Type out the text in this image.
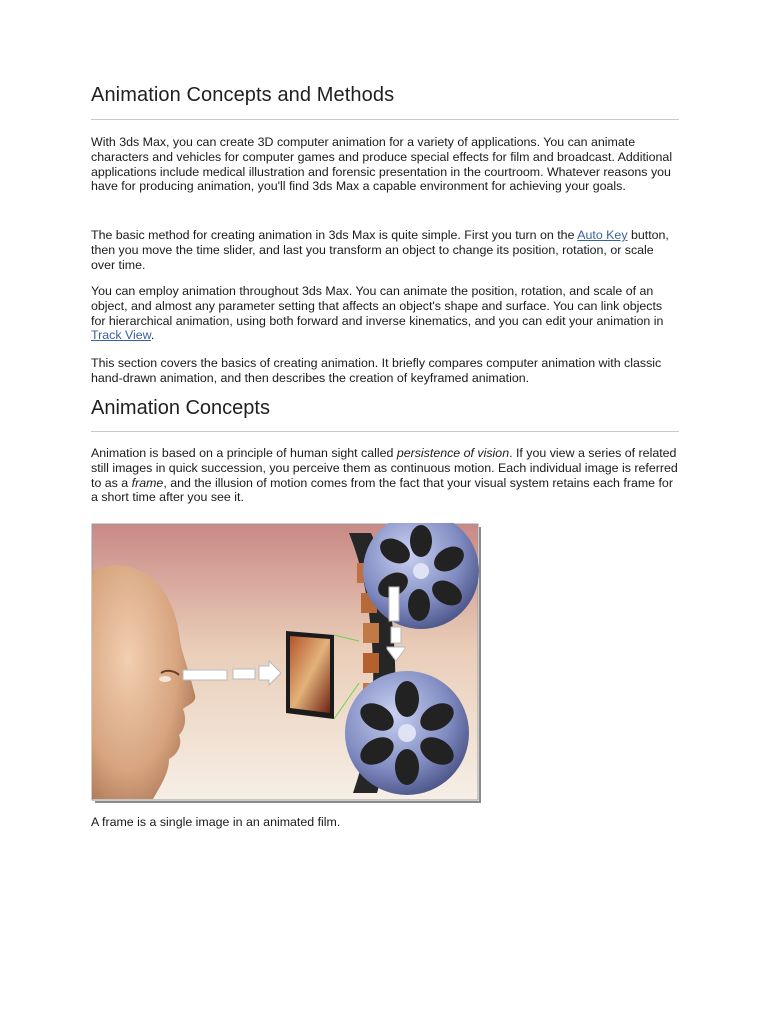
Animation Concepts and Methods

With 3ds Max, you can create 3D computer animation for a variety of applications. You can animate characters and vehicles for computer games and produce special effects for film and broadcast. Additional applications include medical illustration and forensic presentation in the courtroom. Whatever reasons you have for producing animation, you'll find 3ds Max a capable environment for achieving your goals.

The basic method for creating animation in 3ds Max is quite simple. First you turn on the Auto Key button, then you move the time slider, and last you transform an object to change its position, rotation, or scale over time.

You can employ animation throughout 3ds Max. You can animate the position, rotation, and scale of an object, and almost any parameter setting that affects an object's shape and surface. You can link objects for hierarchical animation, using both forward and inverse kinematics, and you can edit your animation in Track View.

This section covers the basics of creating animation. It briefly compares computer animation with classic hand-drawn animation, and then describes the creation of keyframed animation.

Animation Concepts

Animation is based on a principle of human sight called persistence of vision. If you view a series of related still images in quick succession, you perceive them as continuous motion. Each individual image is referred to as a frame, and the illusion of motion comes from the fact that your visual system retains each frame for a short time after you see it.

A frame is a single image in an animated film.
